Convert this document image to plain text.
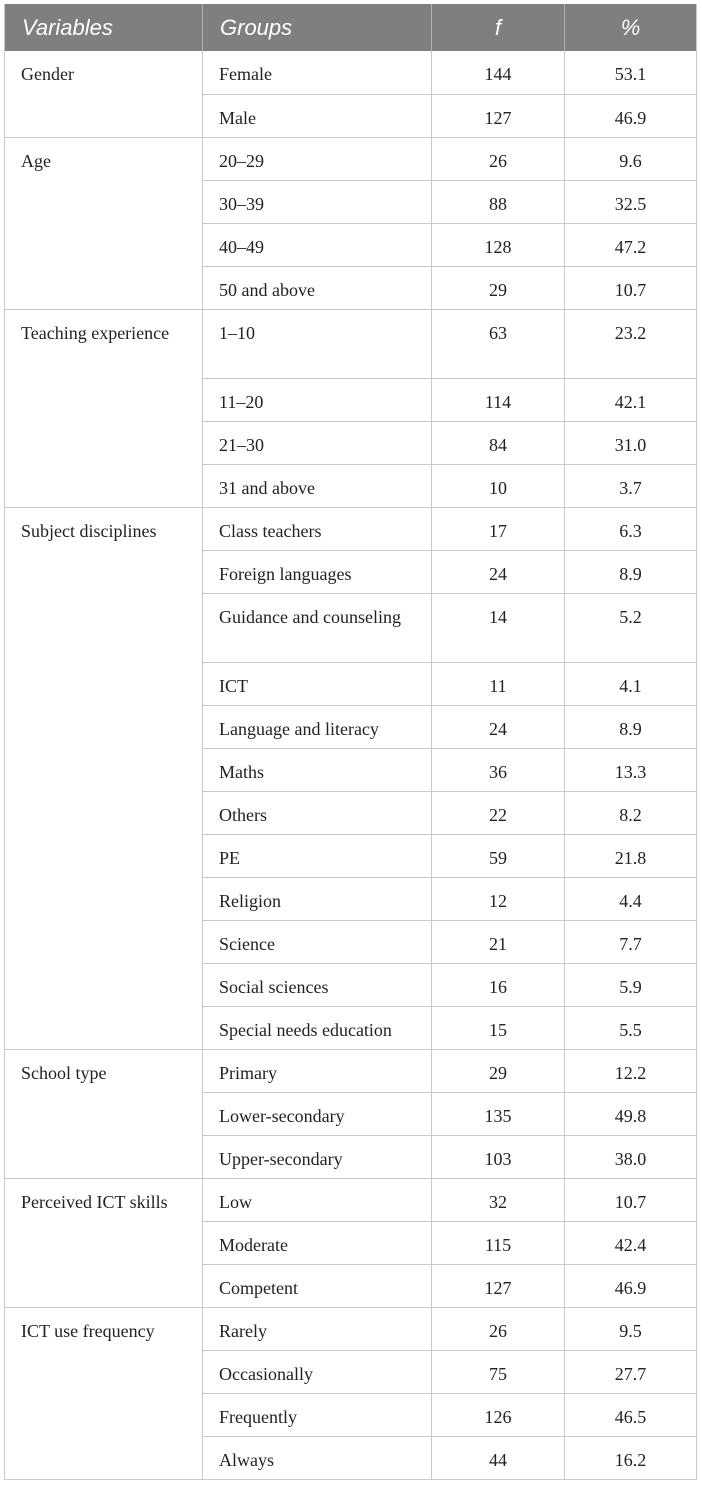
Variables	Groups	f	%
Gender	Female	144	53.1
	Male	127	46.9
Age	20–29	26	9.6
	30–39	88	32.5
	40–49	128	47.2
	50 and above	29	10.7
Teaching experience	1–10	63	23.2
	11–20	114	42.1
	21–30	84	31.0
	31 and above	10	3.7
Subject disciplines	Class teachers	17	6.3
	Foreign languages	24	8.9
	Guidance and counseling	14	5.2
	ICT	11	4.1
	Language and literacy	24	8.9
	Maths	36	13.3
	Others	22	8.2
	PE	59	21.8
	Religion	12	4.4
	Science	21	7.7
	Social sciences	16	5.9
	Special needs education	15	5.5
School type	Primary	29	12.2
	Lower-secondary	135	49.8
	Upper-secondary	103	38.0
Perceived ICT skills	Low	32	10.7
	Moderate	115	42.4
	Competent	127	46.9
ICT use frequency	Rarely	26	9.5
	Occasionally	75	27.7
	Frequently	126	46.5
	Always	44	16.2
